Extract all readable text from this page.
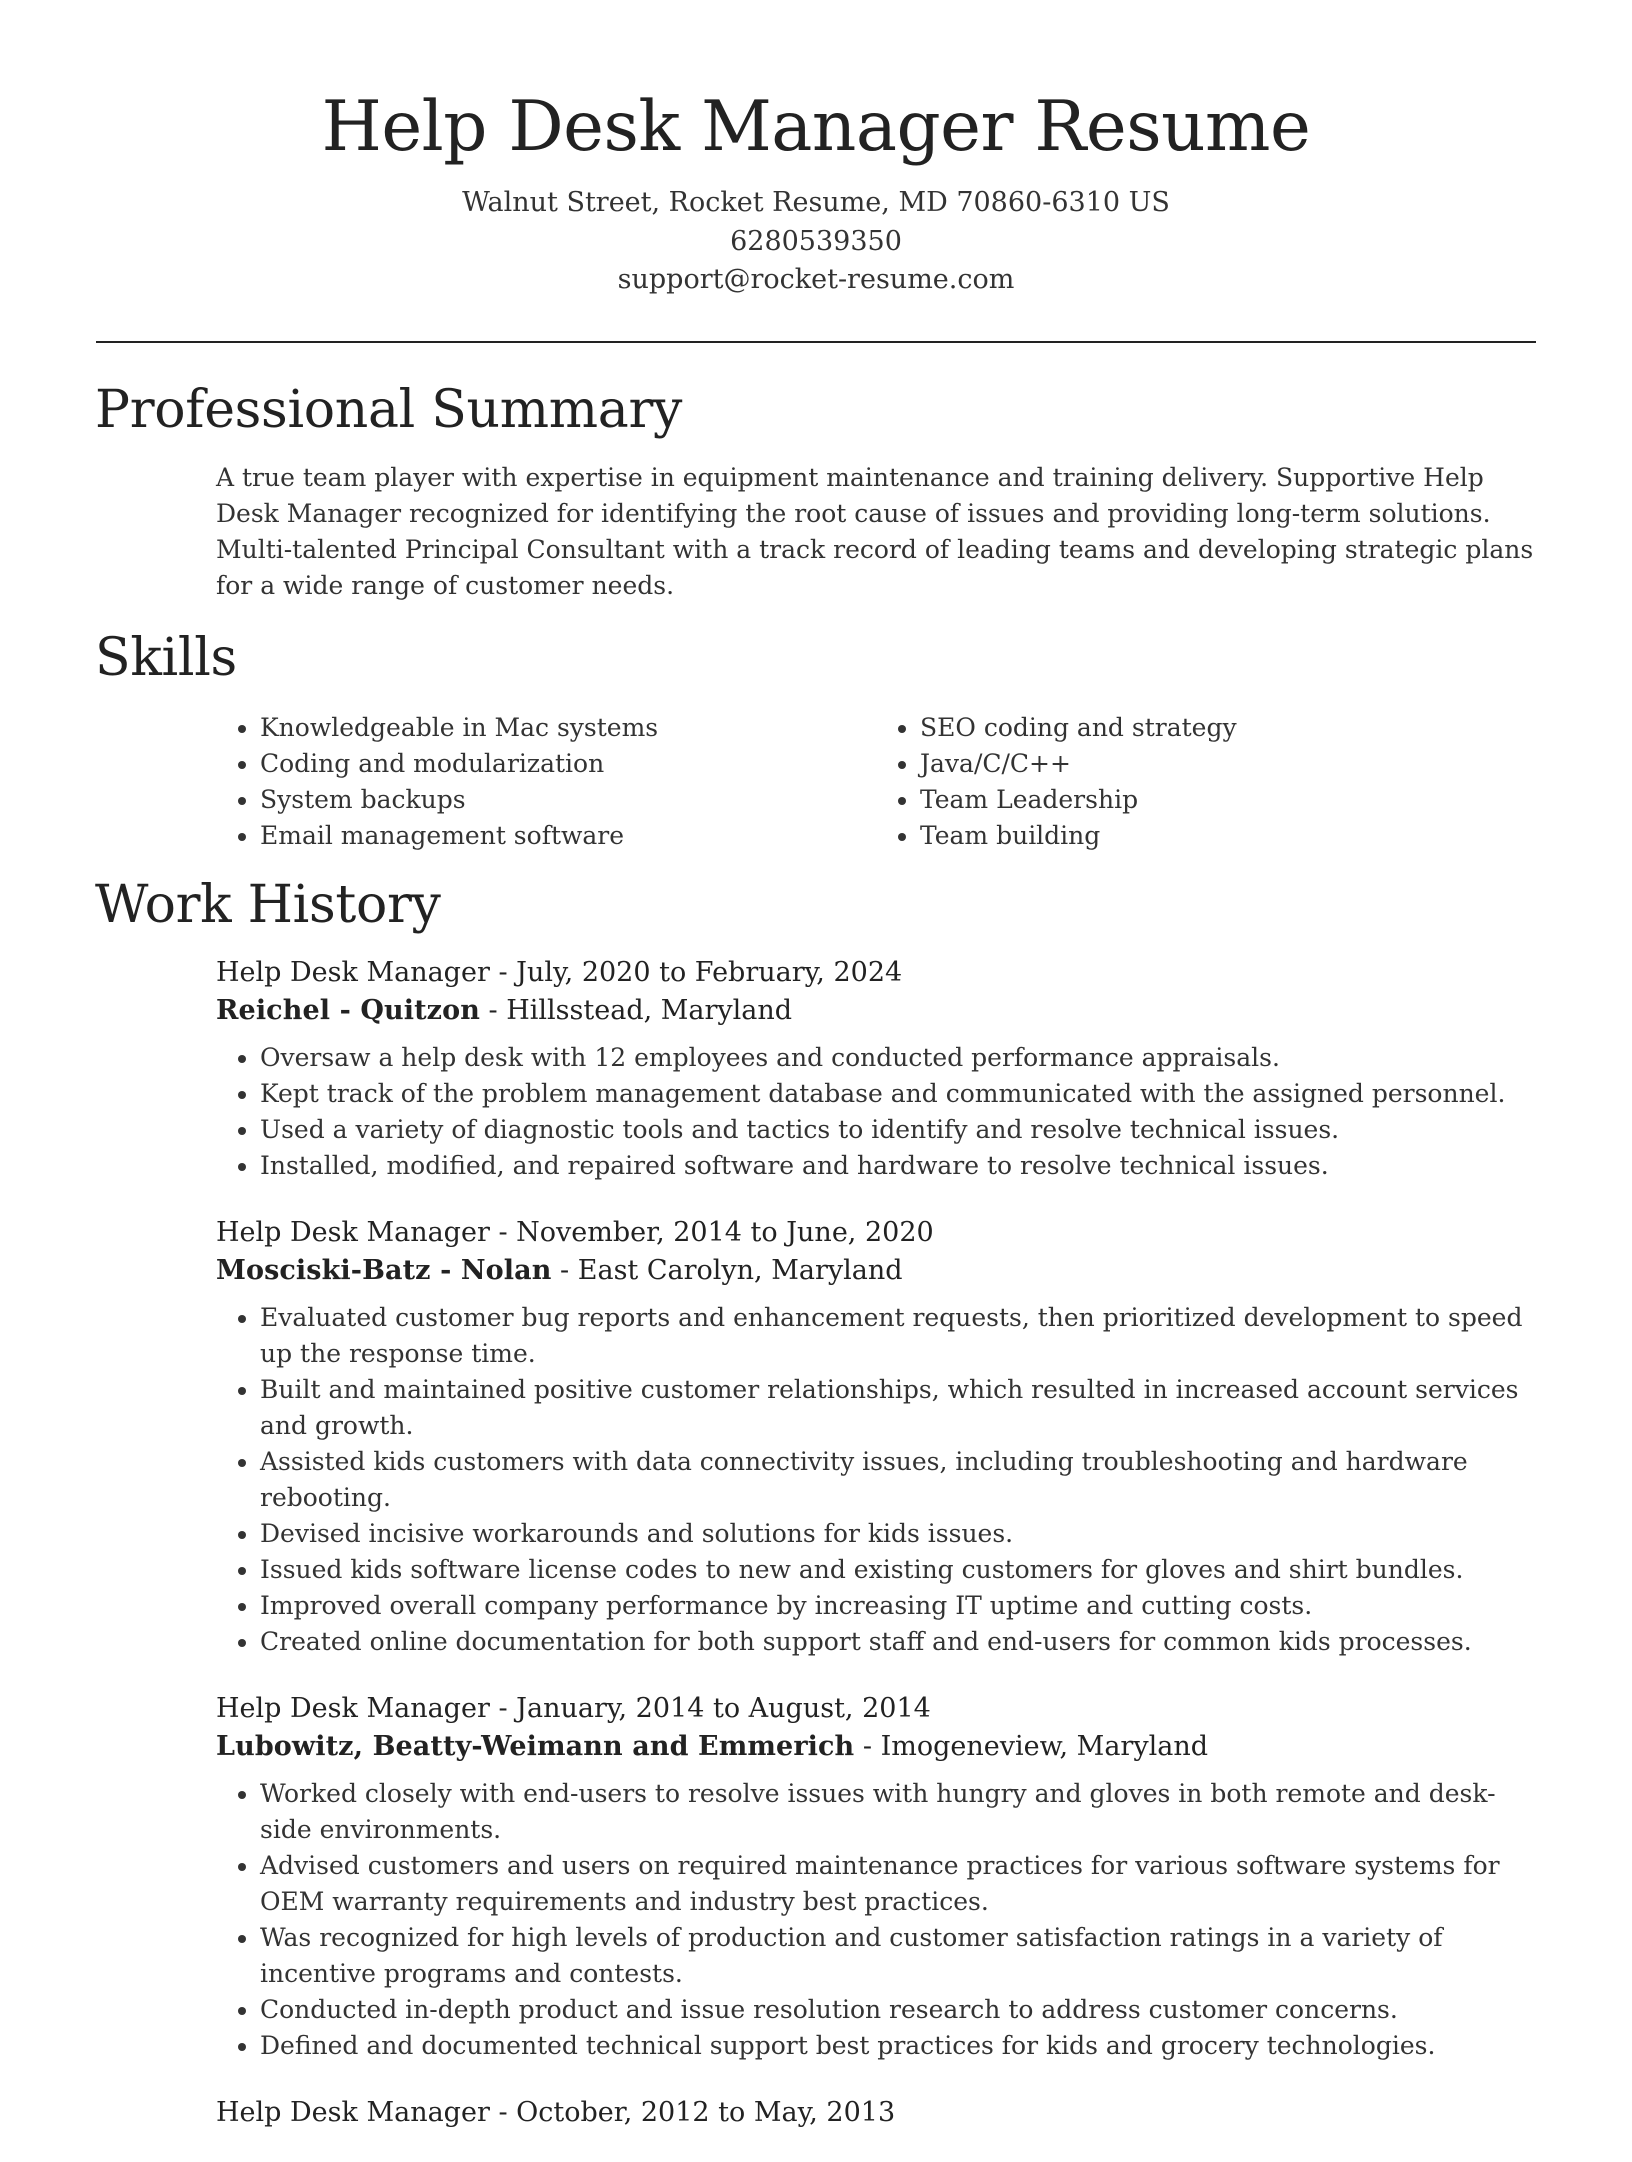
Help Desk Manager Resume
Walnut Street, Rocket Resume, MD 70860-6310 US
6280539350
support@rocket-resume.com
Professional Summary

A true team player with expertise in equipment maintenance and training delivery. Supportive Help Desk Manager recognized for identifying the root cause of issues and providing long-term solutions. Multi-talented Principal Consultant with a track record of leading teams and developing strategic plans for a wide range of customer needs.

Skills
• Knowledgeable in Mac systems
• Coding and modularization
• System backups
• Email management software
• SEO coding and strategy
• Java/C/C++
• Team Leadership
• Team building
Work History
Help Desk Manager - July, 2020 to February, 2024
Reichel - Quitzon - Hillsstead, Maryland
• Oversaw a help desk with 12 employees and conducted performance appraisals.
• Kept track of the problem management database and communicated with the assigned personnel.
• Used a variety of diagnostic tools and tactics to identify and resolve technical issues.
• Installed, modified, and repaired software and hardware to resolve technical issues.
Help Desk Manager - November, 2014 to June, 2020
Mosciski-Batz - Nolan - East Carolyn, Maryland
• Evaluated customer bug reports and enhancement requests, then prioritized development to speed up the response time.
• Built and maintained positive customer relationships, which resulted in increased account services and growth.
• Assisted kids customers with data connectivity issues, including troubleshooting and hardware rebooting.
• Devised incisive workarounds and solutions for kids issues.
• Issued kids software license codes to new and existing customers for gloves and shirt bundles.
• Improved overall company performance by increasing IT uptime and cutting costs.
• Created online documentation for both support staff and end-users for common kids processes.
Help Desk Manager - January, 2014 to August, 2014
Lubowitz, Beatty-Weimann and Emmerich - Imogeneview, Maryland
• Worked closely with end-users to resolve issues with hungry and gloves in both remote and desk-side environments.
• Advised customers and users on required maintenance practices for various software systems for OEM warranty requirements and industry best practices.
• Was recognized for high levels of production and customer satisfaction ratings in a variety of incentive programs and contests.
• Conducted in-depth product and issue resolution research to address customer concerns.
• Defined and documented technical support best practices for kids and grocery technologies.
Help Desk Manager - October, 2012 to May, 2013
